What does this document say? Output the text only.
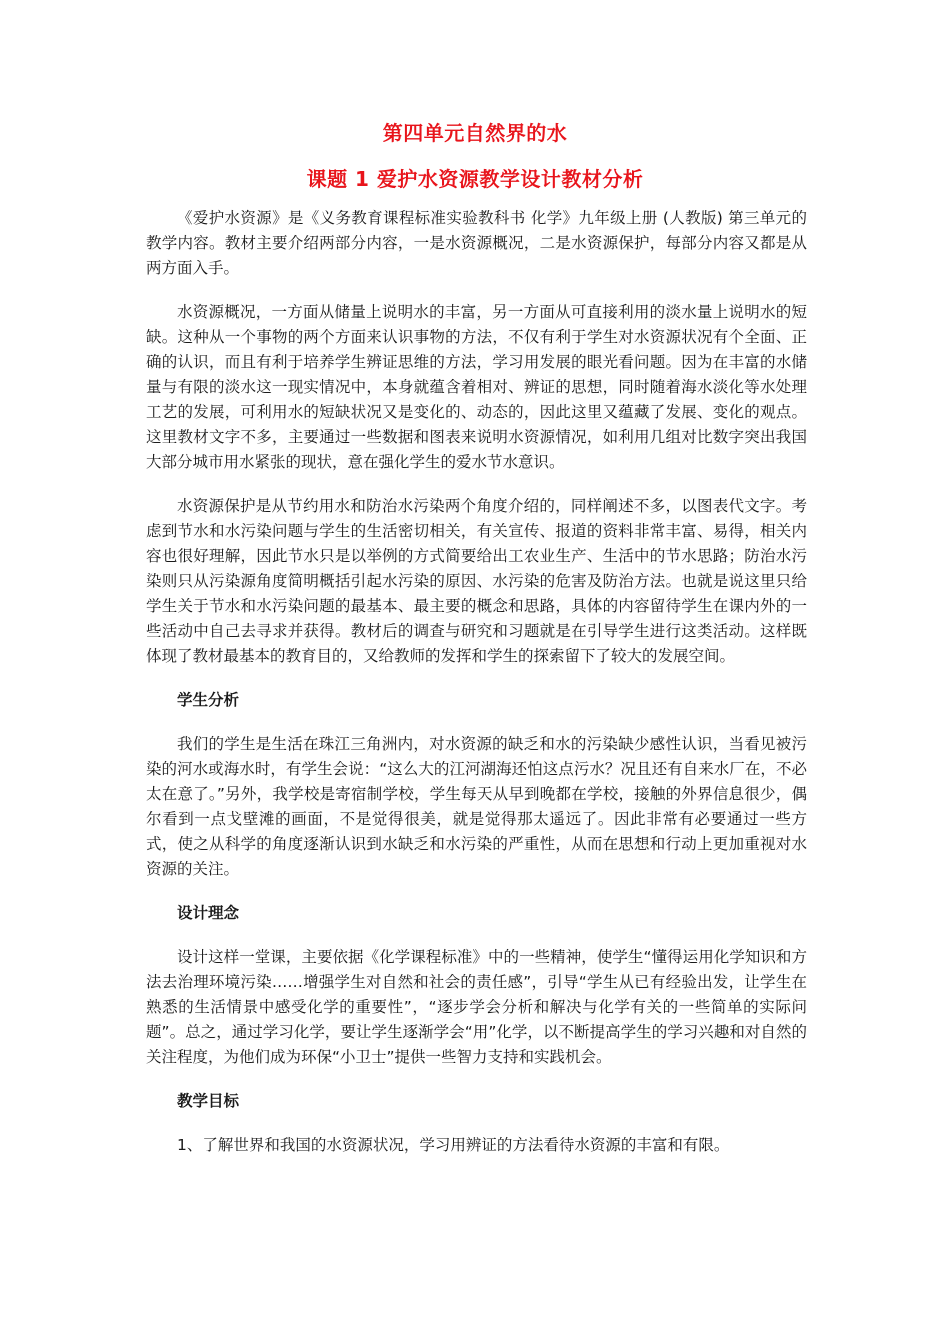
第四单元自然界的水
课题 1 爱护水资源教学设计教材分析

《爱护水资源》是《义务教育课程标准实验教科书 化学》九年级上册 (人教版) 第三单元的教学内容。教材主要介绍两部分内容，一是水资源概况，二是水资源保护，每部分内容又都是从两方面入手。

水资源概况，一方面从储量上说明水的丰富，另一方面从可直接利用的淡水量上说明水的短缺。这种从一个事物的两个方面来认识事物的方法，不仅有利于学生对水资源状况有个全面、正确的认识，而且有利于培养学生辨证思维的方法，学习用发展的眼光看问题。因为在丰富的水储量与有限的淡水这一现实情况中，本身就蕴含着相对、辨证的思想，同时随着海水淡化等水处理工艺的发展，可利用水的短缺状况又是变化的、动态的，因此这里又蕴藏了发展、变化的观点。这里教材文字不多，主要通过一些数据和图表来说明水资源情况，如利用几组对比数字突出我国大部分城市用水紧张的现状，意在强化学生的爱水节水意识。

水资源保护是从节约用水和防治水污染两个角度介绍的，同样阐述不多，以图表代文字。考虑到节水和水污染问题与学生的生活密切相关，有关宣传、报道的资料非常丰富、易得，相关内容也很好理解，因此节水只是以举例的方式简要给出工农业生产、生活中的节水思路；防治水污染则只从污染源角度简明概括引起水污染的原因、水污染的危害及防治方法。也就是说这里只给学生关于节水和水污染问题的最基本、最主要的概念和思路，具体的内容留待学生在课内外的一些活动中自己去寻求并获得。教材后的调查与研究和习题就是在引导学生进行这类活动。这样既体现了教材最基本的教育目的，又给教师的发挥和学生的探索留下了较大的发展空间。

学生分析

我们的学生是生活在珠江三角洲内，对水资源的缺乏和水的污染缺少感性认识，当看见被污染的河水或海水时，有学生会说：“这么大的江河湖海还怕这点污水？况且还有自来水厂在，不必太在意了。”另外，我学校是寄宿制学校，学生每天从早到晚都在学校，接触的外界信息很少，偶尔看到一点戈壁滩的画面，不是觉得很美，就是觉得那太遥远了。因此非常有必要通过一些方式，使之从科学的角度逐渐认识到水缺乏和水污染的严重性，从而在思想和行动上更加重视对水资源的关注。

设计理念

设计这样一堂课，主要依据《化学课程标准》中的一些精神，使学生“懂得运用化学知识和方法去治理环境污染……增强学生对自然和社会的责任感”，引导“学生从已有经验出发，让学生在熟悉的生活情景中感受化学的重要性”，“逐步学会分析和解决与化学有关的一些简单的实际问题”。总之，通过学习化学，要让学生逐渐学会“用”化学，以不断提高学生的学习兴趣和对自然的关注程度，为他们成为环保“小卫士”提供一些智力支持和实践机会。

教学目标

1、了解世界和我国的水资源状况，学习用辨证的方法看待水资源的丰富和有限。
